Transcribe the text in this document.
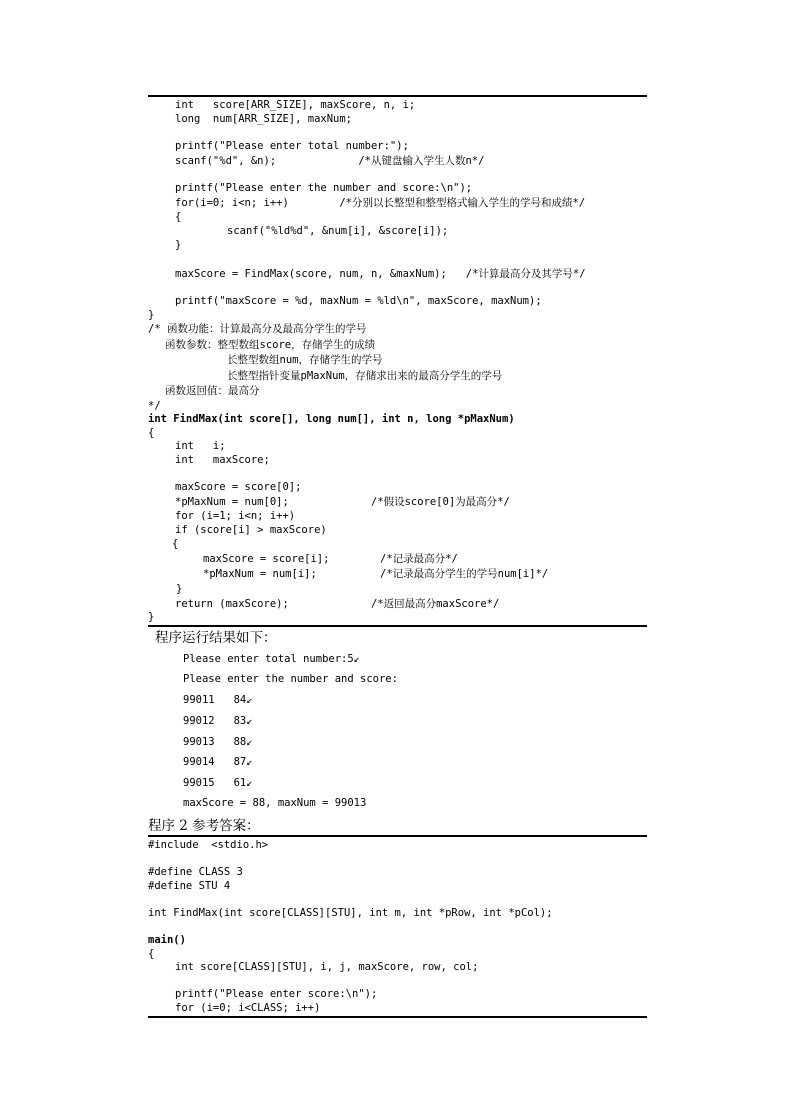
int   score[ARR_SIZE], maxScore, n, i;
long  num[ARR_SIZE], maxNum;
printf("Please enter total number:");
scanf("%d", &n);             /*从键盘输入学生人数n*/
printf("Please enter the number and score:\n");
for(i=0; i<n; i++)        /*分别以长整型和整型格式输入学生的学号和成绩*/
{
scanf("%ld%d", &num[i], &score[i]);
}
maxScore = FindMax(score, num, n, &maxNum);   /*计算最高分及其学号*/
printf("maxScore = %d, maxNum = %ld\n", maxScore, maxNum);
}
/* 函数功能：计算最高分及最高分学生的学号
函数参数：整型数组score，存储学生的成绩
长整型数组num，存储学生的学号
长整型指针变量pMaxNum，存储求出来的最高分学生的学号
函数返回值：最高分
*/
int FindMax(int score[], long num[], int n, long *pMaxNum)
{
int   i;
int   maxScore;
maxScore = score[0];
*pMaxNum = num[0];             /*假设score[0]为最高分*/
for (i=1; i<n; i++)
if (score[i] > maxScore)
{
maxScore = score[i];        /*记录最高分*/
*pMaxNum = num[i];          /*记录最高分学生的学号num[i]*/
}
return (maxScore);             /*返回最高分maxScore*/
}
程序运行结果如下：
Please enter total number:5↙
Please enter the number and score:
99011   84↙
99012   83↙
99013   88↙
99014   87↙
99015   61↙
maxScore = 88, maxNum = 99013
程序 2 参考答案：
#include  <stdio.h>
#define CLASS 3
#define STU 4
int FindMax(int score[CLASS][STU], int m, int *pRow, int *pCol);
main()
{
int score[CLASS][STU], i, j, maxScore, row, col;
printf("Please enter score:\n");
for (i=0; i<CLASS; i++)
